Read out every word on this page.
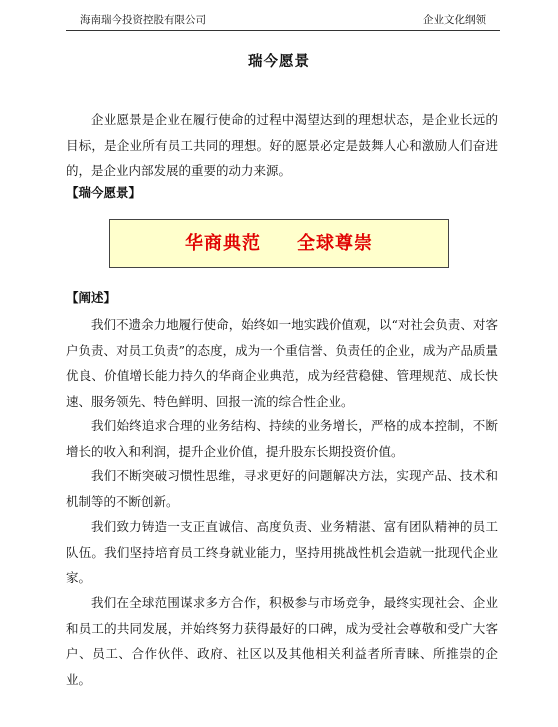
海南瑞今投资控股有限公司	企业文化纲领
瑞今愿景

企业愿景是企业在履行使命的过程中渴望达到的理想状态，是企业长远的目标，是企业所有员工共同的理想。好的愿景必定是鼓舞人心和激励人们奋进的，是企业内部发展的重要的动力来源。

【瑞今愿景】
华商典范 全球尊崇
【阐述】

我们不遗余力地履行使命，始终如一地实践价值观，以“对社会负责、对客户负责、对员工负责”的态度，成为一个重信誉、负责任的企业，成为产品质量优良、价值增长能力持久的华商企业典范，成为经营稳健、管理规范、成长快速、服务领先、特色鲜明、回报一流的综合性企业。

我们始终追求合理的业务结构、持续的业务增长，严格的成本控制，不断增长的收入和利润，提升企业价值，提升股东长期投资价值。

我们不断突破习惯性思维，寻求更好的问题解决方法，实现产品、技术和机制等的不断创新。

我们致力铸造一支正直诚信、高度负责、业务精湛、富有团队精神的员工队伍。我们坚持培育员工终身就业能力，坚持用挑战性机会造就一批现代企业家。

我们在全球范围谋求多方合作，积极参与市场竞争，最终实现社会、企业和员工的共同发展，并始终努力获得最好的口碑，成为受社会尊敬和受广大客户、员工、合作伙伴、政府、社区以及其他相关利益者所青睐、所推崇的企业。
